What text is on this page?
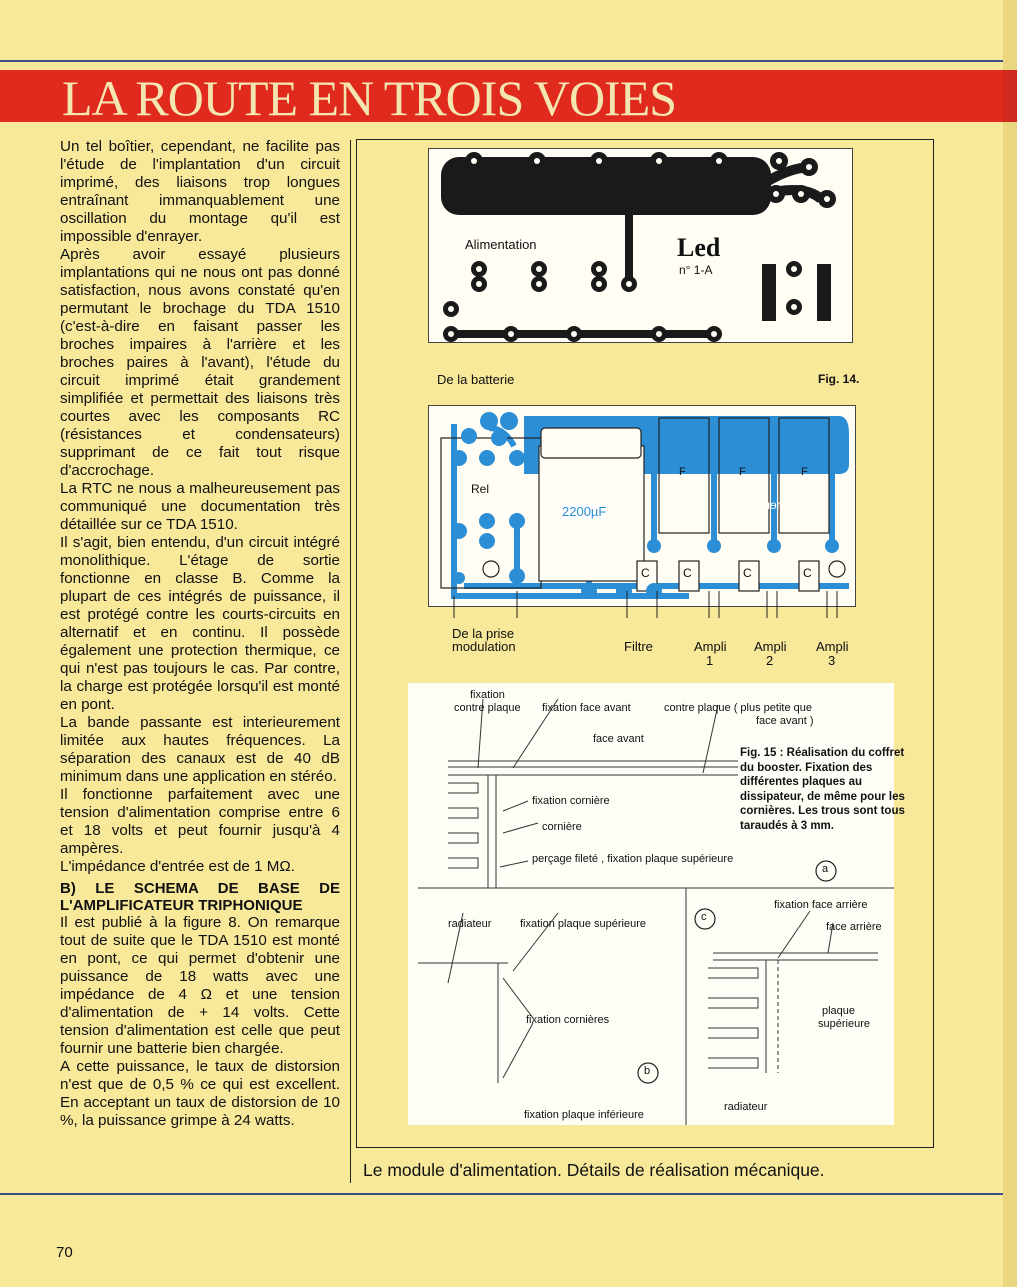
LA ROUTE EN TROIS VOIES

Un tel boîtier, cependant, ne facilite pas l'étude de l'implantation d'un circuit imprimé, des liaisons trop longues entraînant immanquablement une oscillation du montage qu'il est impossible d'enrayer.

Après avoir essayé plusieurs implantations qui ne nous ont pas donné satisfaction, nous avons constaté qu'en permutant le brochage du TDA 1510 (c'est-à-dire en faisant passer les broches impaires à l'arrière et les broches paires à l'avant), l'étude du circuit imprimé était grandement simplifiée et permettait des liaisons très courtes avec les composants RC (résistances et condensateurs) supprimant de ce fait tout risque d'accrochage.

La RTC ne nous a malheureusement pas communiqué une documentation très détaillée sur ce TDA 1510.

Il s'agit, bien entendu, d'un circuit intégré monolithique. L'étage de sortie fonctionne en classe B. Comme la plupart de ces intégrés de puissance, il est protégé contre les courts-circuits en alternatif et en continu. Il possède également une protection thermique, ce qui n'est pas toujours le cas. Par contre, la charge est protégée lorsqu'il est monté en pont.

La bande passante est interieurement limitée aux hautes fréquences. La séparation des canaux est de 40 dB minimum dans une application en stéréo.

Il fonctionne parfaitement avec une tension d'alimentation comprise entre 6 et 18 volts et peut fournir jusqu'à 4 ampères.

L'impédance d'entrée est de 1 MΩ.

B) LE SCHEMA DE BASE DE L'AMPLIFICATEUR TRIPHONIQUE

Il est publié à la figure 8. On remarque tout de suite que le TDA 1510 est monté en pont, ce qui permet d'obtenir une puissance de 18 watts avec une impédance de 4 Ω et une tension d'alimentation de + 14 volts. Cette tension d'alimentation est celle que peut fournir une batterie bien chargée.

A cette puissance, le taux de distorsion n'est que de 0,5 % ce qui est excellent. En acceptant un taux de distorsion de 10 %, la puissance grimpe à 24 watts.

Alimentation	Led
n° 1-A
De la batterie	Fig. 14.
Rel
2200µF	Alimentation
F	F	F
C	C	C	C
De la prise
modulation	Filtre	Ampli
1
Ampli
2
Ampli
3
fixation
contre plaque fixation face avant	contre plaque ( plus petite que
face avant )
face avant
fixation cornière
cornière
perçage fileté , fixation plaque supérieure
a
radiateur	fixation plaque supérieure
fixation cornières
fixation plaque inférieure
b
c
fixation face arrière
face arrière
plaque
supérieure
radiateur
Fig. 15 : Réalisation du coffret du booster. Fixation des différentes plaques au dissipateur, de même pour les cornières. Les trous sont tous taraudés à 3 mm.
Le module d'alimentation. Détails de réalisation mécanique.
70
